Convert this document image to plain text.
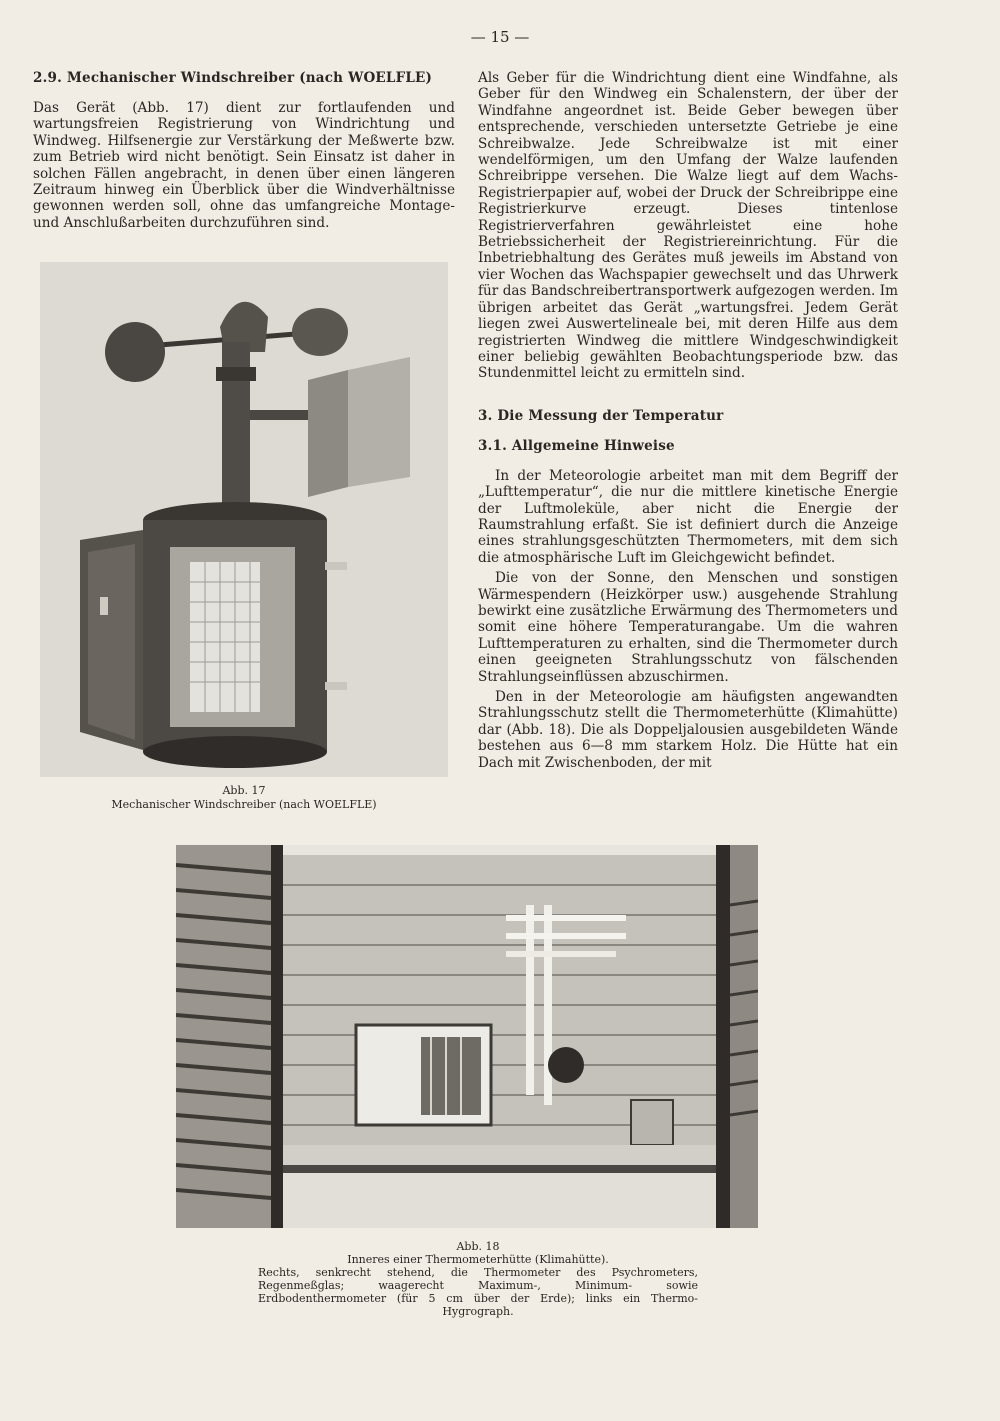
— 15 —
2.9. Mechanischer Windschreiber (nach WOELFLE)

Das Gerät (Abb. 17) dient zur fortlaufenden und wartungsfreien Registrierung von Windrichtung und Windweg. Hilfsenergie zur Verstärkung der Meßwerte bzw. zum Betrieb wird nicht benötigt. Sein Einsatz ist daher in solchen Fällen angebracht, in denen über einen längeren Zeitraum hinweg ein Überblick über die Windverhältnisse gewonnen werden soll, ohne das umfangreiche Montage- und Anschlußarbeiten durchzuführen sind.

Abb. 17
Mechanischer Windschreiber (nach WOELFLE)

Als Geber für die Windrichtung dient eine Windfahne, als Geber für den Windweg ein Schalenstern, der über der Windfahne angeordnet ist. Beide Geber bewegen über entsprechende, verschieden untersetzte Getriebe je eine Schreibwalze. Jede Schreibwalze ist mit einer wendelförmigen, um den Umfang der Walze laufenden Schreibrippe versehen. Die Walze liegt auf dem Wachs-Registrierpapier auf, wobei der Druck der Schreibrippe eine Registrierkurve erzeugt. Dieses tintenlose Registrierverfahren gewährleistet eine hohe Betriebssicherheit der Registriereinrichtung. Für die Inbetriebhaltung des Gerätes muß jeweils im Abstand von vier Wochen das Wachspapier gewechselt und das Uhrwerk für das Bandschreibertransportwerk aufgezogen werden. Im übrigen arbeitet das Gerät „wartungsfrei. Jedem Gerät liegen zwei Auswertelineale bei, mit deren Hilfe aus dem registrierten Windweg die mittlere Windgeschwindigkeit einer beliebig gewählten Beobachtungsperiode bzw. das Stundenmittel leicht zu ermitteln sind.

3. Die Messung der Temperatur
3.1. Allgemeine Hinweise

In der Meteorologie arbeitet man mit dem Begriff der „Lufttemperatur“, die nur die mittlere kinetische Energie der Luftmoleküle, aber nicht die Energie der Raumstrahlung erfaßt. Sie ist definiert durch die Anzeige eines strahlungsgeschützten Thermometers, mit dem sich die atmosphärische Luft im Gleichgewicht befindet.

Die von der Sonne, den Menschen und sonstigen Wärmespendern (Heizkörper usw.) ausgehende Strahlung bewirkt eine zusätzliche Erwärmung des Thermometers und somit eine höhere Temperaturangabe. Um die wahren Lufttemperaturen zu erhalten, sind die Thermometer durch einen geeigneten Strahlungsschutz von fälschenden Strahlungseinflüssen abzuschirmen.

Den in der Meteorologie am häufigsten angewandten Strahlungsschutz stellt die Thermometerhütte (Klimahütte) dar (Abb. 18). Die als Doppeljalousien ausgebildeten Wände bestehen aus 6—8 mm starkem Holz. Die Hütte hat ein Dach mit Zwischenboden, der mit

Abb. 18
Inneres einer Thermometerhütte (Klimahütte).
Rechts, senkrecht stehend, die Thermometer des Psychrometers, Regenmeßglas; waagerecht Maximum-, Minimum- sowie Erdbodenthermometer (für 5 cm über der Erde); links ein Thermo-Hygrograph.
